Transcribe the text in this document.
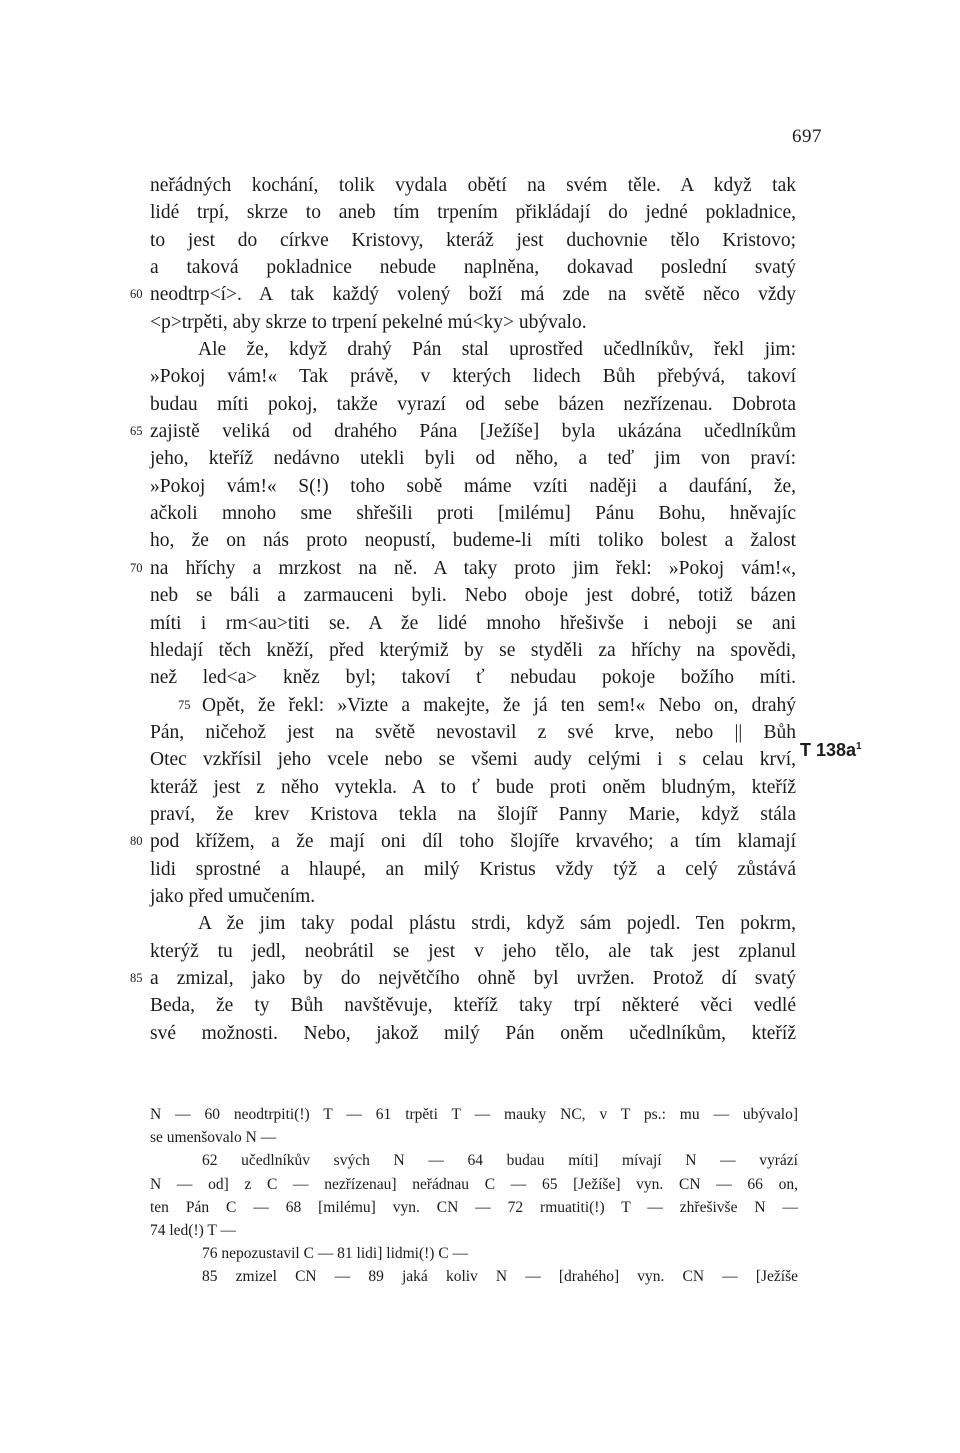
697
neřádných kochání, tolik vydala obětí na svém těle. A když tak
lidé trpí, skrze to aneb tím trpením přikládají do jedné pokladnice,
to jest do církve Kristovy, kteráž jest duchovnie tělo Kristovo;
a taková pokladnice nebude naplněna, dokavad poslední svatý
60 neodtrp<í>. A tak každý volený boží má zde na světě něco vždy
<p>trpěti, aby skrze to trpení pekelné mú<ky> ubývalo.
Ale že, když drahý Pán stal uprostřed učedlníkův, řekl jim:
»Pokoj vám!« Tak právě, v kterých lidech Bůh přebývá, takoví
budau míti pokoj, takže vyrazí od sebe bázen nezřízenau. Dobrota
65 zajistě veliká od drahého Pána [Ježíše] byla ukázána učedlníkům
jeho, kteříž nedávno utekli byli od něho, a teď jim von praví:
»Pokoj vám!« S(!) toho sobě máme vzíti naději a daufání, že,
ačkoli mnoho sme shřešili proti [milému] Pánu Bohu, hněvajíc
ho, že on nás proto neopustí, budeme-li míti toliko bolest a žalost
70 na hříchy a mrzkost na ně. A taky proto jim řekl: »Pokoj vám!«,
neb se báli a zarmauceni byli. Nebo oboje jest dobré, totiž bázen
míti i rm<au>titi se. A že lidé mnoho hřešivše i neboji se ani
hledají těch kněží, před kterýmiž by se styděli za hříchy na spovědi,
než led<a> kněz byl; takoví ť nebudau pokoje božího míti.
75 Opět, že řekl: »Vizte a makejte, že já ten sem!« Nebo on, drahý
Pán, ničehož jest na světě nevostavil z své krve, nebo || Bůh
Otec vzkřísil jeho vcele nebo se všemi audy celými i s celau krví,
kteráž jest z něho vytekla. A to ť bude proti oněm bludným, kteříž
praví, že krev Kristova tekla na šlojíř Panny Marie, když stála
80 pod křížem, a že mají oni díl toho šlojíře krvavého; a tím klamají
lidi sprostné a hlaupé, an milý Kristus vždy týž a celý zůstává
jako před umučením.
A že jim taky podal plástu strdi, když sám pojedl. Ten pokrm,
kterýž tu jedl, neobrátil se jest v jeho tělo, ale tak jest zplanul
85 a zmizal, jako by do největčího ohně byl uvržen. Protož dí svatý
Beda, že ty Bůh navštěvuje, kteříž taky trpí některé věci vedlé
své možnosti. Nebo, jakož milý Pán oněm učedlníkům, kteříž
T $138a^1$
N — 60 neodtrpiti(!) T — 61 trpěti T — mauky NC, v T ps.: mu — ubývalo]
se umenšovalo N —
62 učedlníkův svých N — 64 budau míti] mívají N — vyrází
N — od] z C — nezřízenau] neřádnau C — 65 [Ježíše] vyn. CN — 66 on,
ten Pán C — 68 [milému] vyn. CN — 72 rmuatiti(!) T — zhřešivše N —
74 led(!) T —
76 nepozustavil C — 81 lidi] lidmi(!) C —
85 zmizel CN — 89 jaká koliv N — [drahého] vyn. CN — [Ježíše
